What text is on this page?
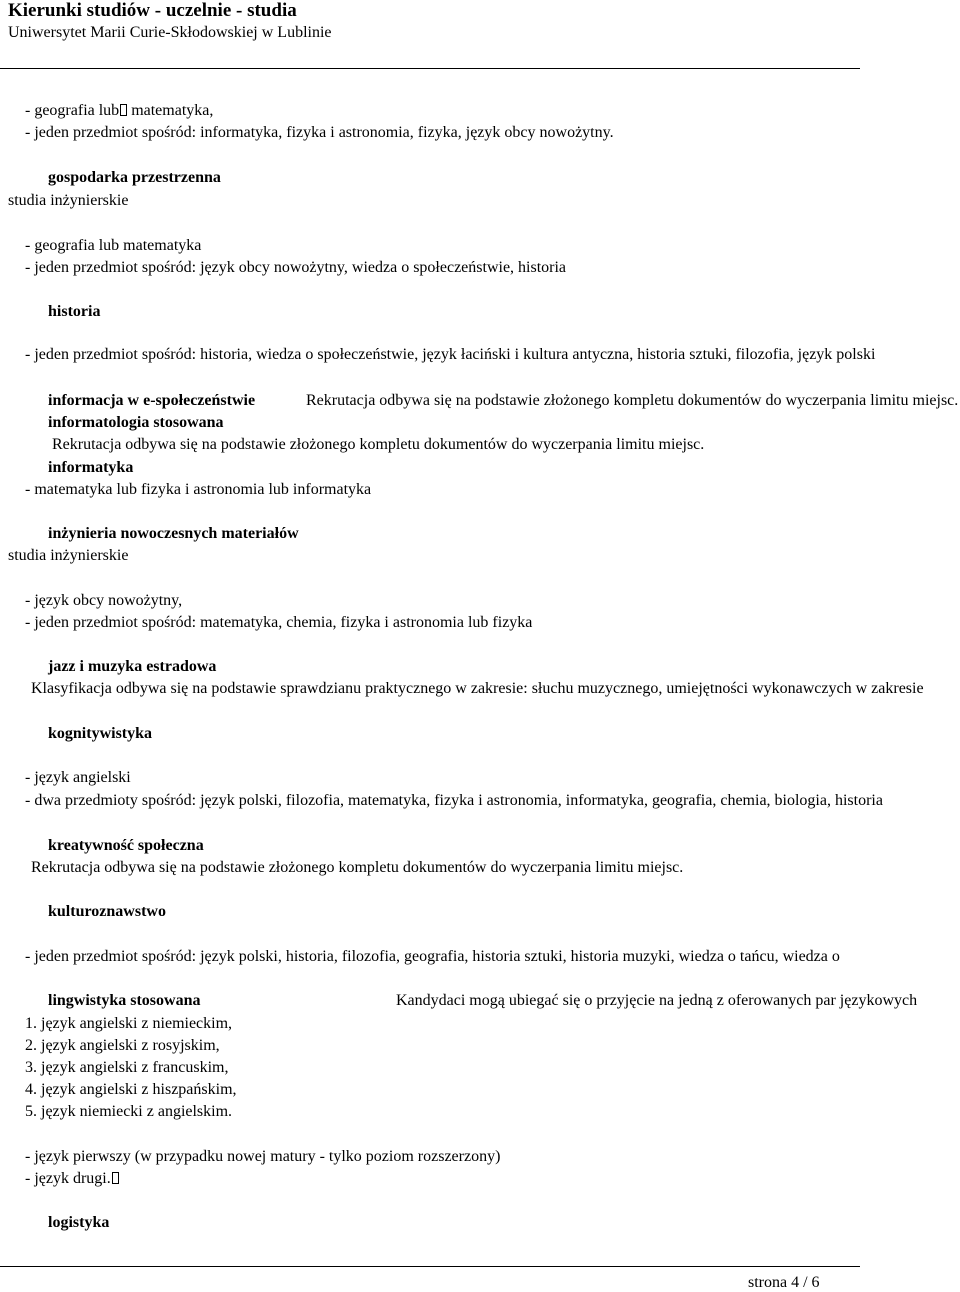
Kierunki studiów - uczelnie - studia
Uniwersytet Marii Curie-Skłodowskiej w Lublinie
- geografia lub matematyka,
- jeden przedmiot spośród: informatyka, fizyka i astronomia, fizyka, język obcy nowożytny.
gospodarka przestrzenna
studia inżynierskie
- geografia lub matematyka
- jeden przedmiot spośród: język obcy nowożytny, wiedza o społeczeństwie, historia
historia
- jeden przedmiot spośród: historia, wiedza o społeczeństwie, język łaciński i kultura antyczna, historia sztuki, filozofia, język polski
informacja w e-społeczeństwie	Rekrutacja odbywa się na podstawie złożonego kompletu dokumentów do wyczerpania limitu miejsc.
informatologia stosowana
Rekrutacja odbywa się na podstawie złożonego kompletu dokumentów do wyczerpania limitu miejsc.
informatyka
- matematyka lub fizyka i astronomia lub informatyka
inżynieria nowoczesnych materiałów
studia inżynierskie
- język obcy nowożytny,
- jeden przedmiot spośród: matematyka, chemia, fizyka i astronomia lub fizyka
jazz i muzyka estradowa
Klasyfikacja odbywa się na podstawie sprawdzianu praktycznego w zakresie: słuchu muzycznego, umiejętności wykonawczych w zakresie
kognitywistyka
- język angielski
- dwa przedmioty spośród: język polski, filozofia, matematyka, fizyka i astronomia, informatyka, geografia, chemia, biologia, historia
kreatywność społeczna
Rekrutacja odbywa się na podstawie złożonego kompletu dokumentów do wyczerpania limitu miejsc.
kulturoznawstwo
- jeden przedmiot spośród: język polski, historia, filozofia, geografia, historia sztuki, historia muzyki, wiedza o tańcu, wiedza o
lingwistyka stosowana	Kandydaci mogą ubiegać się o przyjęcie na jedną z oferowanych par językowych
1. język angielski z niemieckim,
2. język angielski z rosyjskim,
3. język angielski z francuskim,
4. język angielski z hiszpańskim,
5. język niemiecki z angielskim.
- język pierwszy (w przypadku nowej matury - tylko poziom rozszerzony)
- język drugi.
logistyka
strona 4 / 6
